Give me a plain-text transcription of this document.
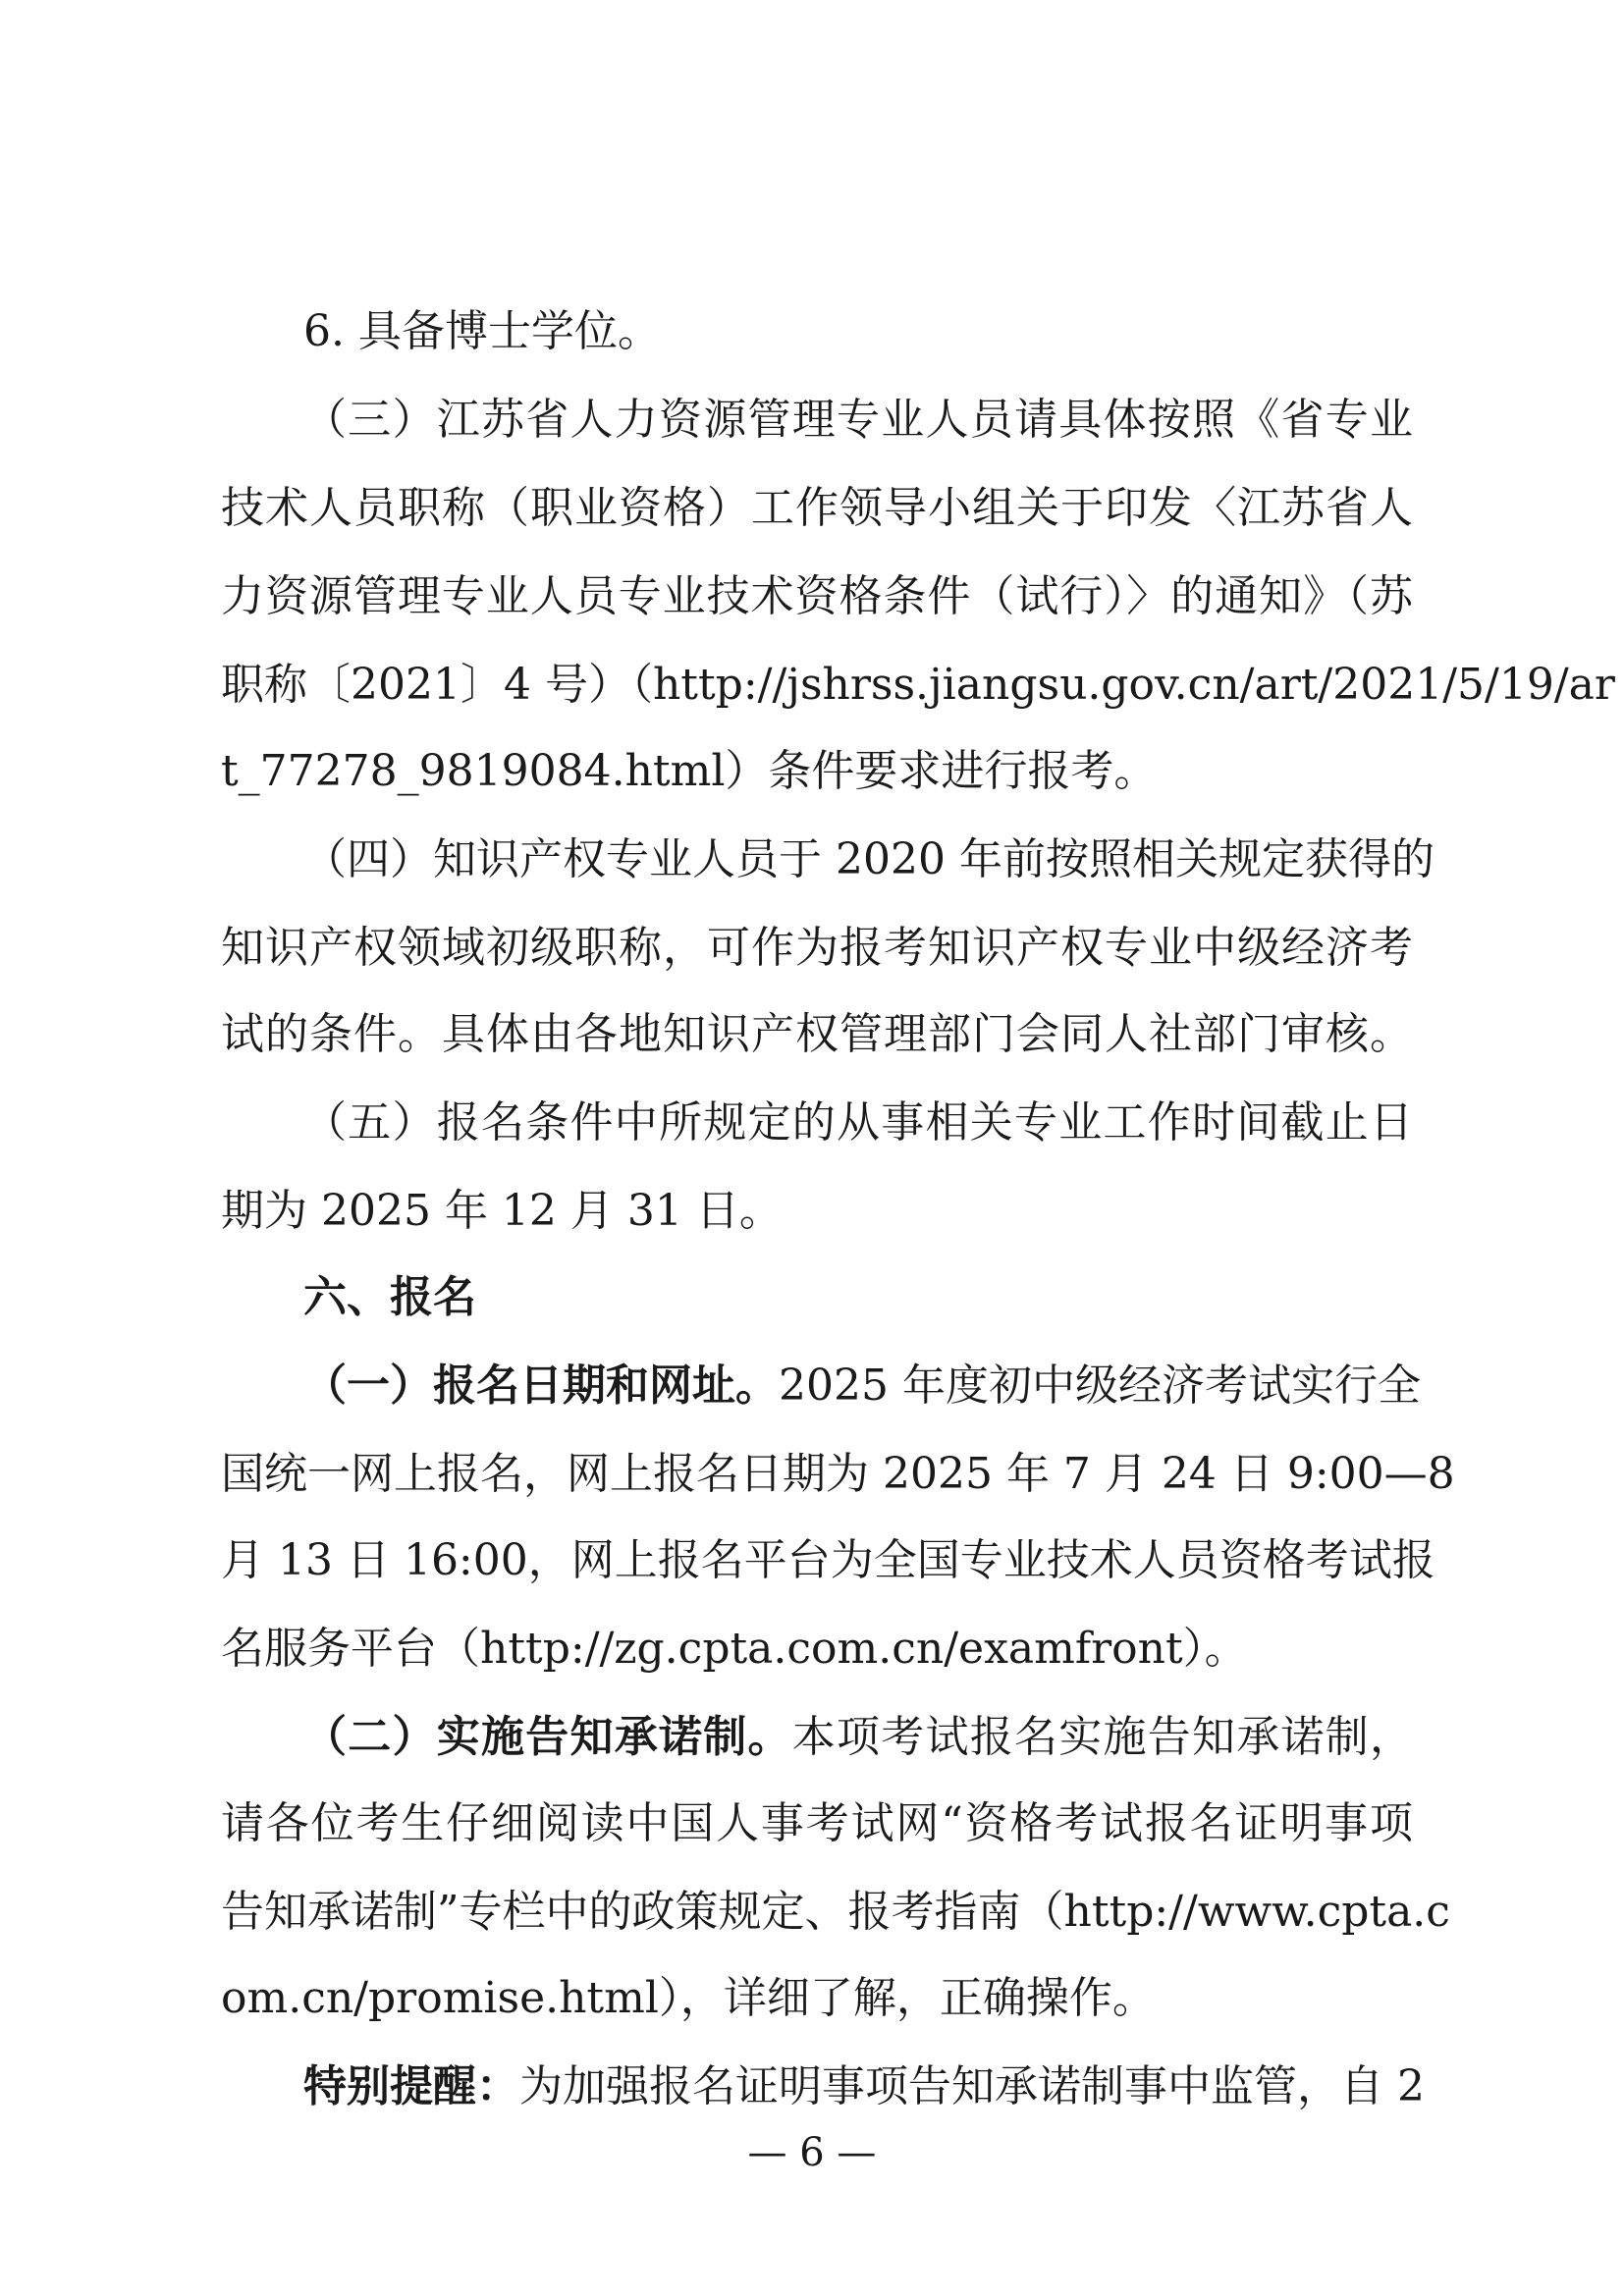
6. 具备博士学位。
（三）江苏省人力资源管理专业人员请具体按照《省专业
技术人员职称（职业资格）工作领导小组关于印发〈江苏省人
力资源管理专业人员专业技术资格条件（试行）〉的通知》（苏
职称〔2021〕4 号）（http://jshrss.jiangsu.gov.cn/art/2021/5/19/ar
t_77278_9819084.html）条件要求进行报考。
（四）知识产权专业人员于 2020 年前按照相关规定获得的
知识产权领域初级职称，可作为报考知识产权专业中级经济考
试的条件。具体由各地知识产权管理部门会同人社部门审核。
（五）报名条件中所规定的从事相关专业工作时间截止日
期为 2025 年 12 月 31 日。
六、报名
（一）报名日期和网址。2025 年度初中级经济考试实行全
国统一网上报名，网上报名日期为 2025 年 7 月 24 日 9:00—8
月 13 日 16:00，网上报名平台为全国专业技术人员资格考试报
名服务平台（http://zg.cpta.com.cn/examfront）。
（二）实施告知承诺制。本项考试报名实施告知承诺制，
请各位考生仔细阅读中国人事考试网“资格考试报名证明事项
告知承诺制”专栏中的政策规定、报考指南（http://www.cpta.c
om.cn/promise.html），详细了解，正确操作。
特别提醒：为加强报名证明事项告知承诺制事中监管，自 2
— 6 —
